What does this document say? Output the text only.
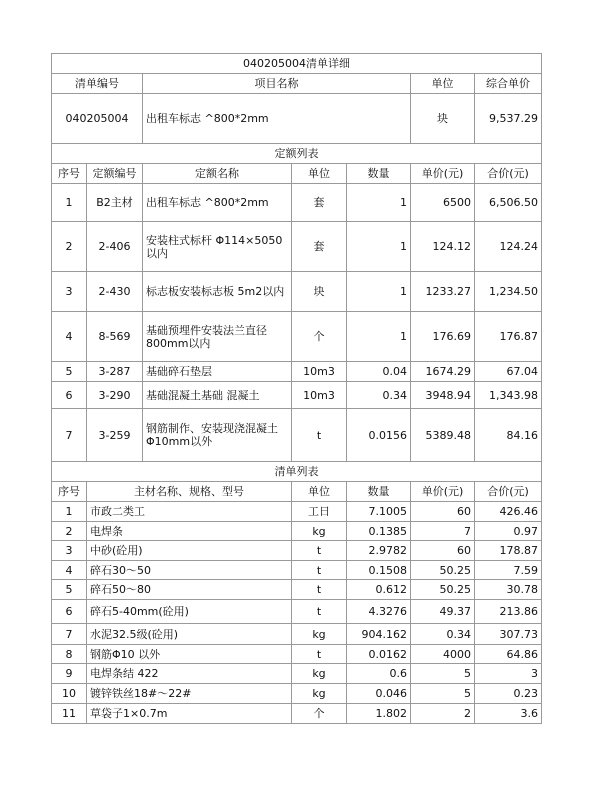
040205004清单详细						
清单编号		项目名称			单位	综合单价
040205004		出租车标志 ^800*2mm			块	9,537.29
定额列表						
序号	定额编号	定额名称	单位	数量	单价(元)	合价(元)
1	B2主材	出租车标志 ^800*2mm	套	1	6500	6,506.50
2	2-406	安装柱式标杆 Φ114×5050以内	套	1	124.12	124.24
3	2-430	标志板安装标志板 5m2以内	块	1	1233.27	1,234.50
4	8-569	基础预埋件安装法兰直径800mm以内	个	1	176.69	176.87
5	3-287	基础碎石垫层	10m3	0.04	1674.29	67.04
6	3-290	基础混凝土基础 混凝土	10m3	0.34	3948.94	1,343.98
7	3-259	钢筋制作、安装现浇混凝土Φ10mm以外	t	0.0156	5389.48	84.16
清单列表						
序号	主材名称、规格、型号		单位	数量	单价(元)	合价(元)
1	市政二类工		工日	7.1005	60	426.46
2	电焊条		kg	0.1385	7	0.97
3	中砂(砼用)		t	2.9782	60	178.87
4	碎石30～50		t	0.1508	50.25	7.59
5	碎石50～80		t	0.612	50.25	30.78
6	碎石5-40mm(砼用)		t	4.3276	49.37	213.86
7	水泥32.5级(砼用)		kg	904.162	0.34	307.73
8	钢筋Φ10 以外		t	0.0162	4000	64.86
9	电焊条结 422		kg	0.6	5	3
10	镀锌铁丝18#～22#		kg	0.046	5	0.23
11	草袋子1×0.7m		个	1.802	2	3.6
